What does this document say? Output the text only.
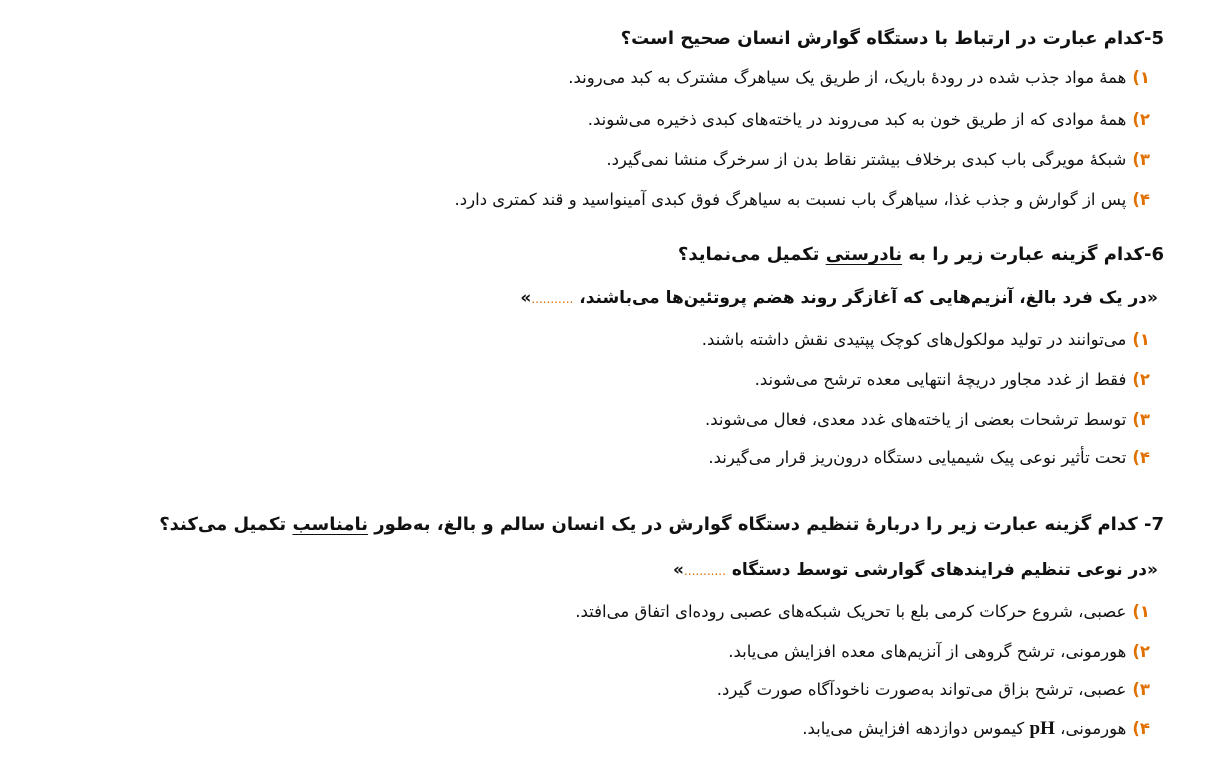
5-کدام عبارت در ارتباط با دستگاه گوارش انسان صحیح است؟
۱)همهٔ مواد جذب شده در رودهٔ باریک، از طریق یک سیاهرگ مشترک به کبد می‌روند.
۲)همهٔ موادی که از طریق خون به کبد می‌روند در یاخته‌های کبدی ذخیره می‌شوند.
۳)شبکهٔ مویرگی باب کبدی برخلاف بیشتر نقاط بدن از سرخرگ منشا نمی‌گیرد.
۴)پس از گوارش و جذب غذا، سیاهرگ باب نسبت به سیاهرگ فوق کبدی آمینواسید و قند کمتری دارد.
6-کدام گزینه عبارت زیر را به نادرستی تکمیل می‌نماید؟
«در یک فرد بالغ، آنزیم‌هایی که آغازگر روند هضم پروتئین‌ها می‌باشند، ...........»
۱)می‌توانند در تولید مولکول‌های کوچک پپتیدی نقش داشته باشند.
۲)فقط از غدد مجاور دریچهٔ انتهایی معده ترشح می‌شوند.
۳)توسط ترشحات بعضی از یاخته‌های غدد معدی، فعال می‌شوند.
۴)تحت تأثیر نوعی پیک شیمیایی دستگاه درون‌ریز قرار می‌گیرند.
7- کدام گزینه عبارت زیر را دربارهٔ تنظیم دستگاه گوارش در یک انسان سالم و بالغ، به‌طور نامناسب تکمیل می‌کند؟
«در نوعی تنظیم فرایندهای گوارشی توسط دستگاه ...........»
۱)عصبی، شروع حرکات کرمی بلع با تحریک شبکه‌های عصبی روده‌ای اتفاق می‌افتد.
۲)هورمونی، ترشح گروهی از آنزیم‌های معده افزایش می‌یابد.
۳)عصبی، ترشح بزاق می‌تواند به‌صورت ناخودآگاه صورت گیرد.
۴)هورمونی، pH کیموس دوازدهه افزایش می‌یابد.
